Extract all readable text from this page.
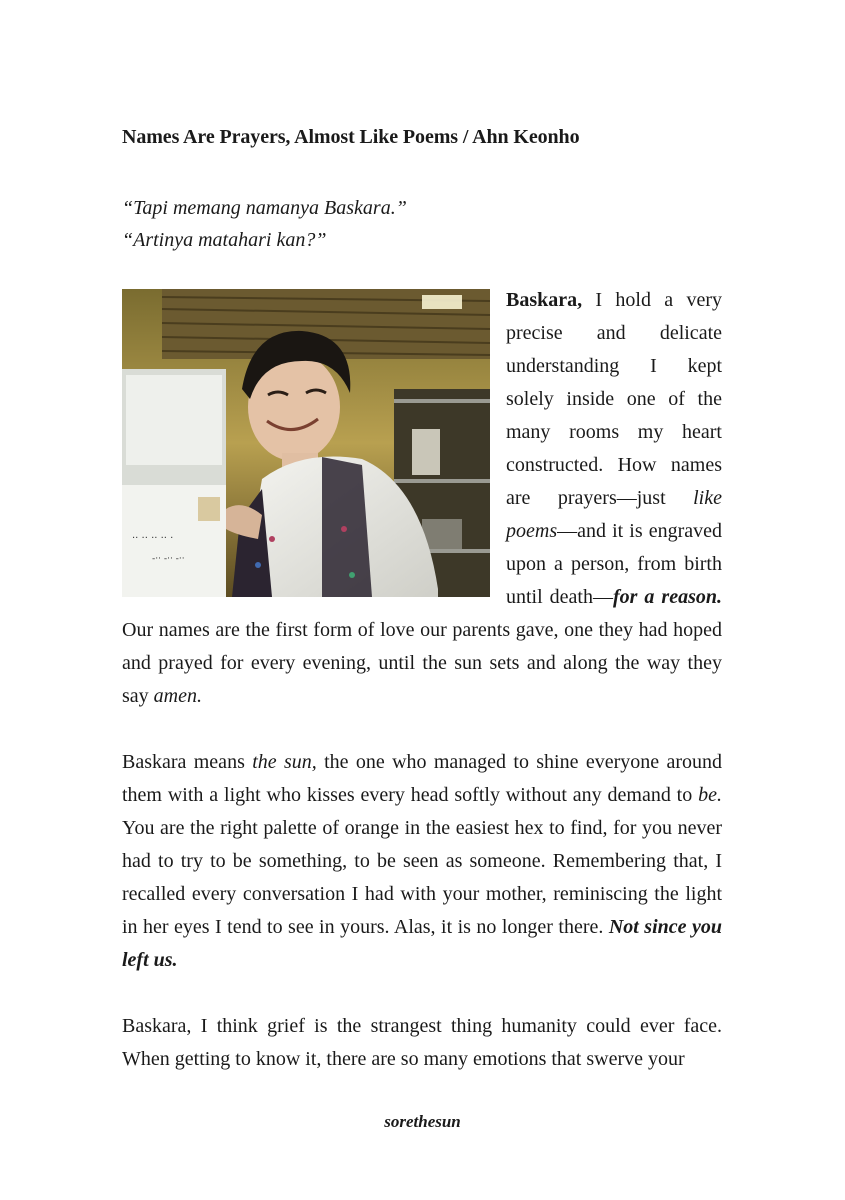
Names Are Prayers, Almost Like Poems / Ahn Keonho
“Tapi memang namanya Baskara.”
“Artinya matahari kan?”
·· ·· ·· ·· ·
-·· -·· -··

Baskara, I hold a very precise and delicate understanding I kept solely inside one of the many rooms my heart constructed. How names are prayers—just like poems—and it is engraved upon a person, from birth until death—for a reason. Our names are the first form of love our parents gave, one they had hoped and prayed for every evening, until the sun sets and along the way they say amen.

Baskara means the sun, the one who managed to shine everyone around them with a light who kisses every head softly without any demand to be. You are the right palette of orange in the easiest hex to find, for you never had to try to be something, to be seen as someone. Remembering that, I recalled every conversation I had with your mother, reminiscing the light in her eyes I tend to see in yours. Alas, it is no longer there. Not since you left us.

Baskara, I think grief is the strangest thing humanity could ever face. When getting to know it, there are so many emotions that swerve your

sorethesun
